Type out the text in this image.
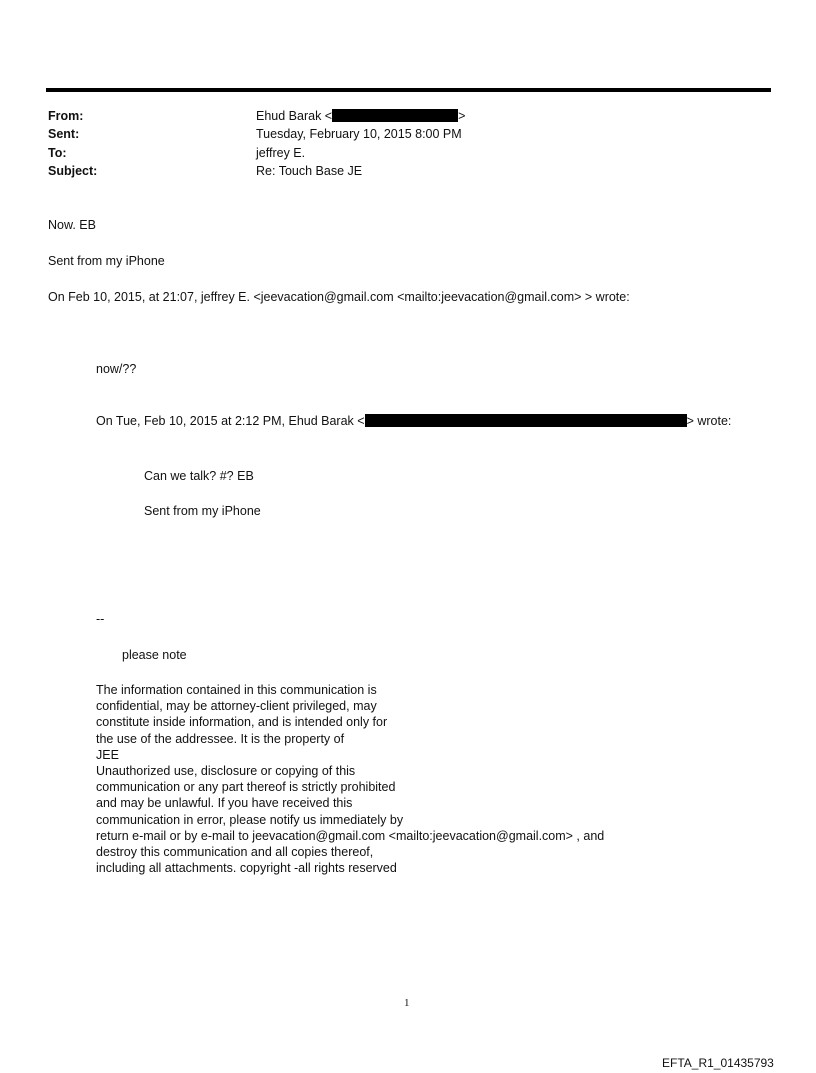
From:
Sent:
To:
Subject:
Ehud Barak <	>
Tuesday, February 10, 2015 8:00 PM
jeffrey E.
Re: Touch Base JE
Now. EB
Sent from my iPhone
On Feb 10, 2015, at 21:07, jeffrey E. <jeevacation@gmail.com <mailto:jeevacation@gmail.com> > wrote:
now/??
On Tue, Feb 10, 2015 at 2:12 PM, Ehud Barak <	> wrote:
Can we talk? #? EB
Sent from my iPhone
--
please note
The information contained in this communication is
confidential, may be attorney-client privileged, may
constitute inside information, and is intended only for
the use of the addressee. It is the property of
JEE
Unauthorized use, disclosure or copying of this
communication or any part thereof is strictly prohibited
and may be unlawful. If you have received this
communication in error, please notify us immediately by
return e-mail or by e-mail to jeevacation@gmail.com <mailto:jeevacation@gmail.com> , and
destroy this communication and all copies thereof,
including all attachments. copyright -all rights reserved
1
EFTA_R1_01435793
